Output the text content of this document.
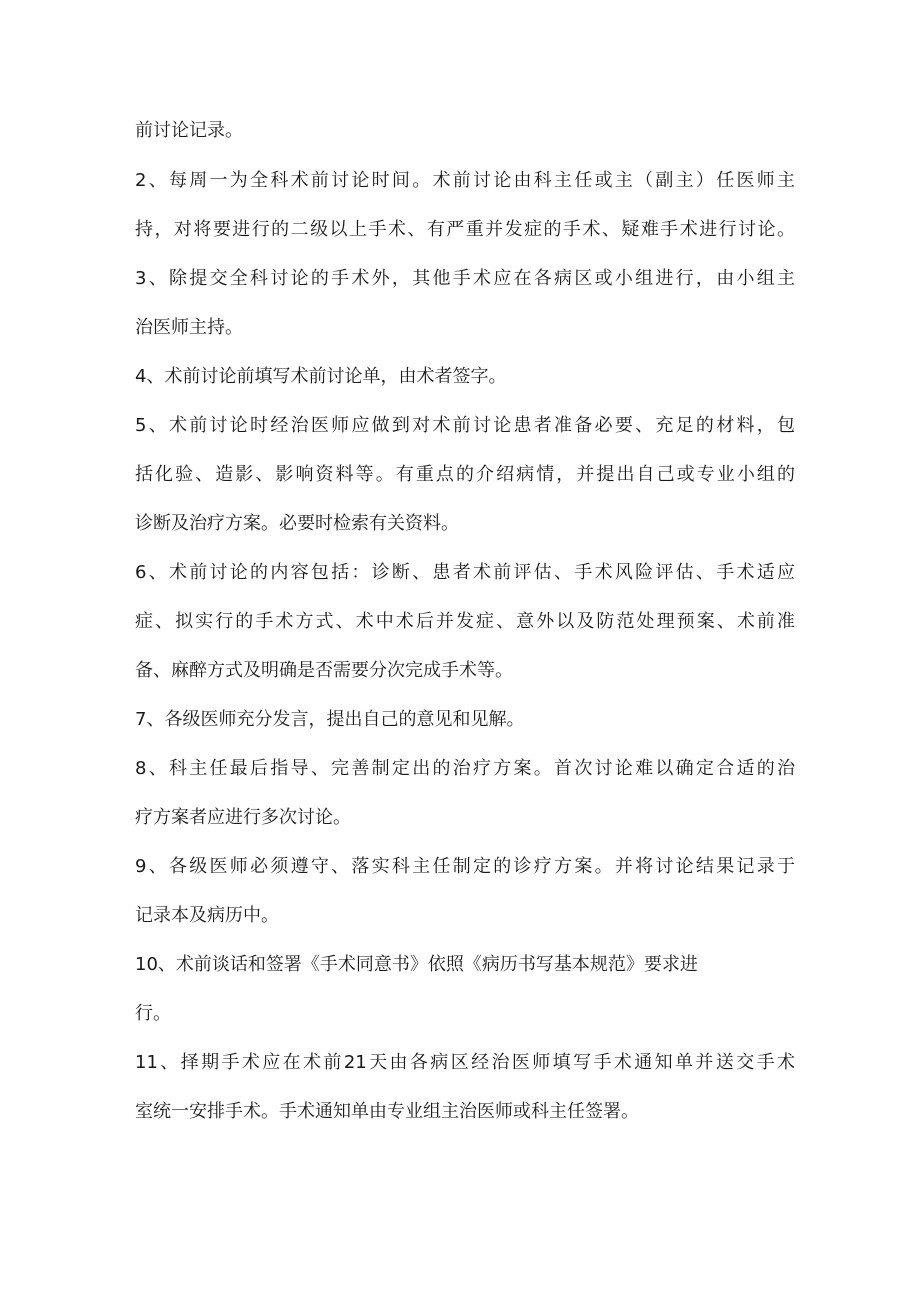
前讨论记录。

2、每周一为全科术前讨论时间。术前讨论由科主任或主（副主）任医师主

持，对将要进行的二级以上手术、有严重并发症的手术、疑难手术进行讨论。

3、除提交全科讨论的手术外，其他手术应在各病区或小组进行，由小组主

治医师主持。

4、术前讨论前填写术前讨论单，由术者签字。

5、术前讨论时经治医师应做到对术前讨论患者准备必要、充足的材料，包

括化验、造影、影响资料等。有重点的介绍病情，并提出自己或专业小组的

诊断及治疗方案。必要时检索有关资料。

6、术前讨论的内容包括：诊断、患者术前评估、手术风险评估、手术适应

症、拟实行的手术方式、术中术后并发症、意外以及防范处理预案、术前准

备、麻醉方式及明确是否需要分次完成手术等。

7、各级医师充分发言，提出自己的意见和见解。

8、科主任最后指导、完善制定出的治疗方案。首次讨论难以确定合适的治

疗方案者应进行多次讨论。

9、各级医师必须遵守、落实科主任制定的诊疗方案。并将讨论结果记录于

记录本及病历中。

10、术前谈话和签署《手术同意书》依照《病历书写基本规范》要求进

行。

11、择期手术应在术前21天由各病区经治医师填写手术通知单并送交手术

室统一安排手术。手术通知单由专业组主治医师或科主任签署。
